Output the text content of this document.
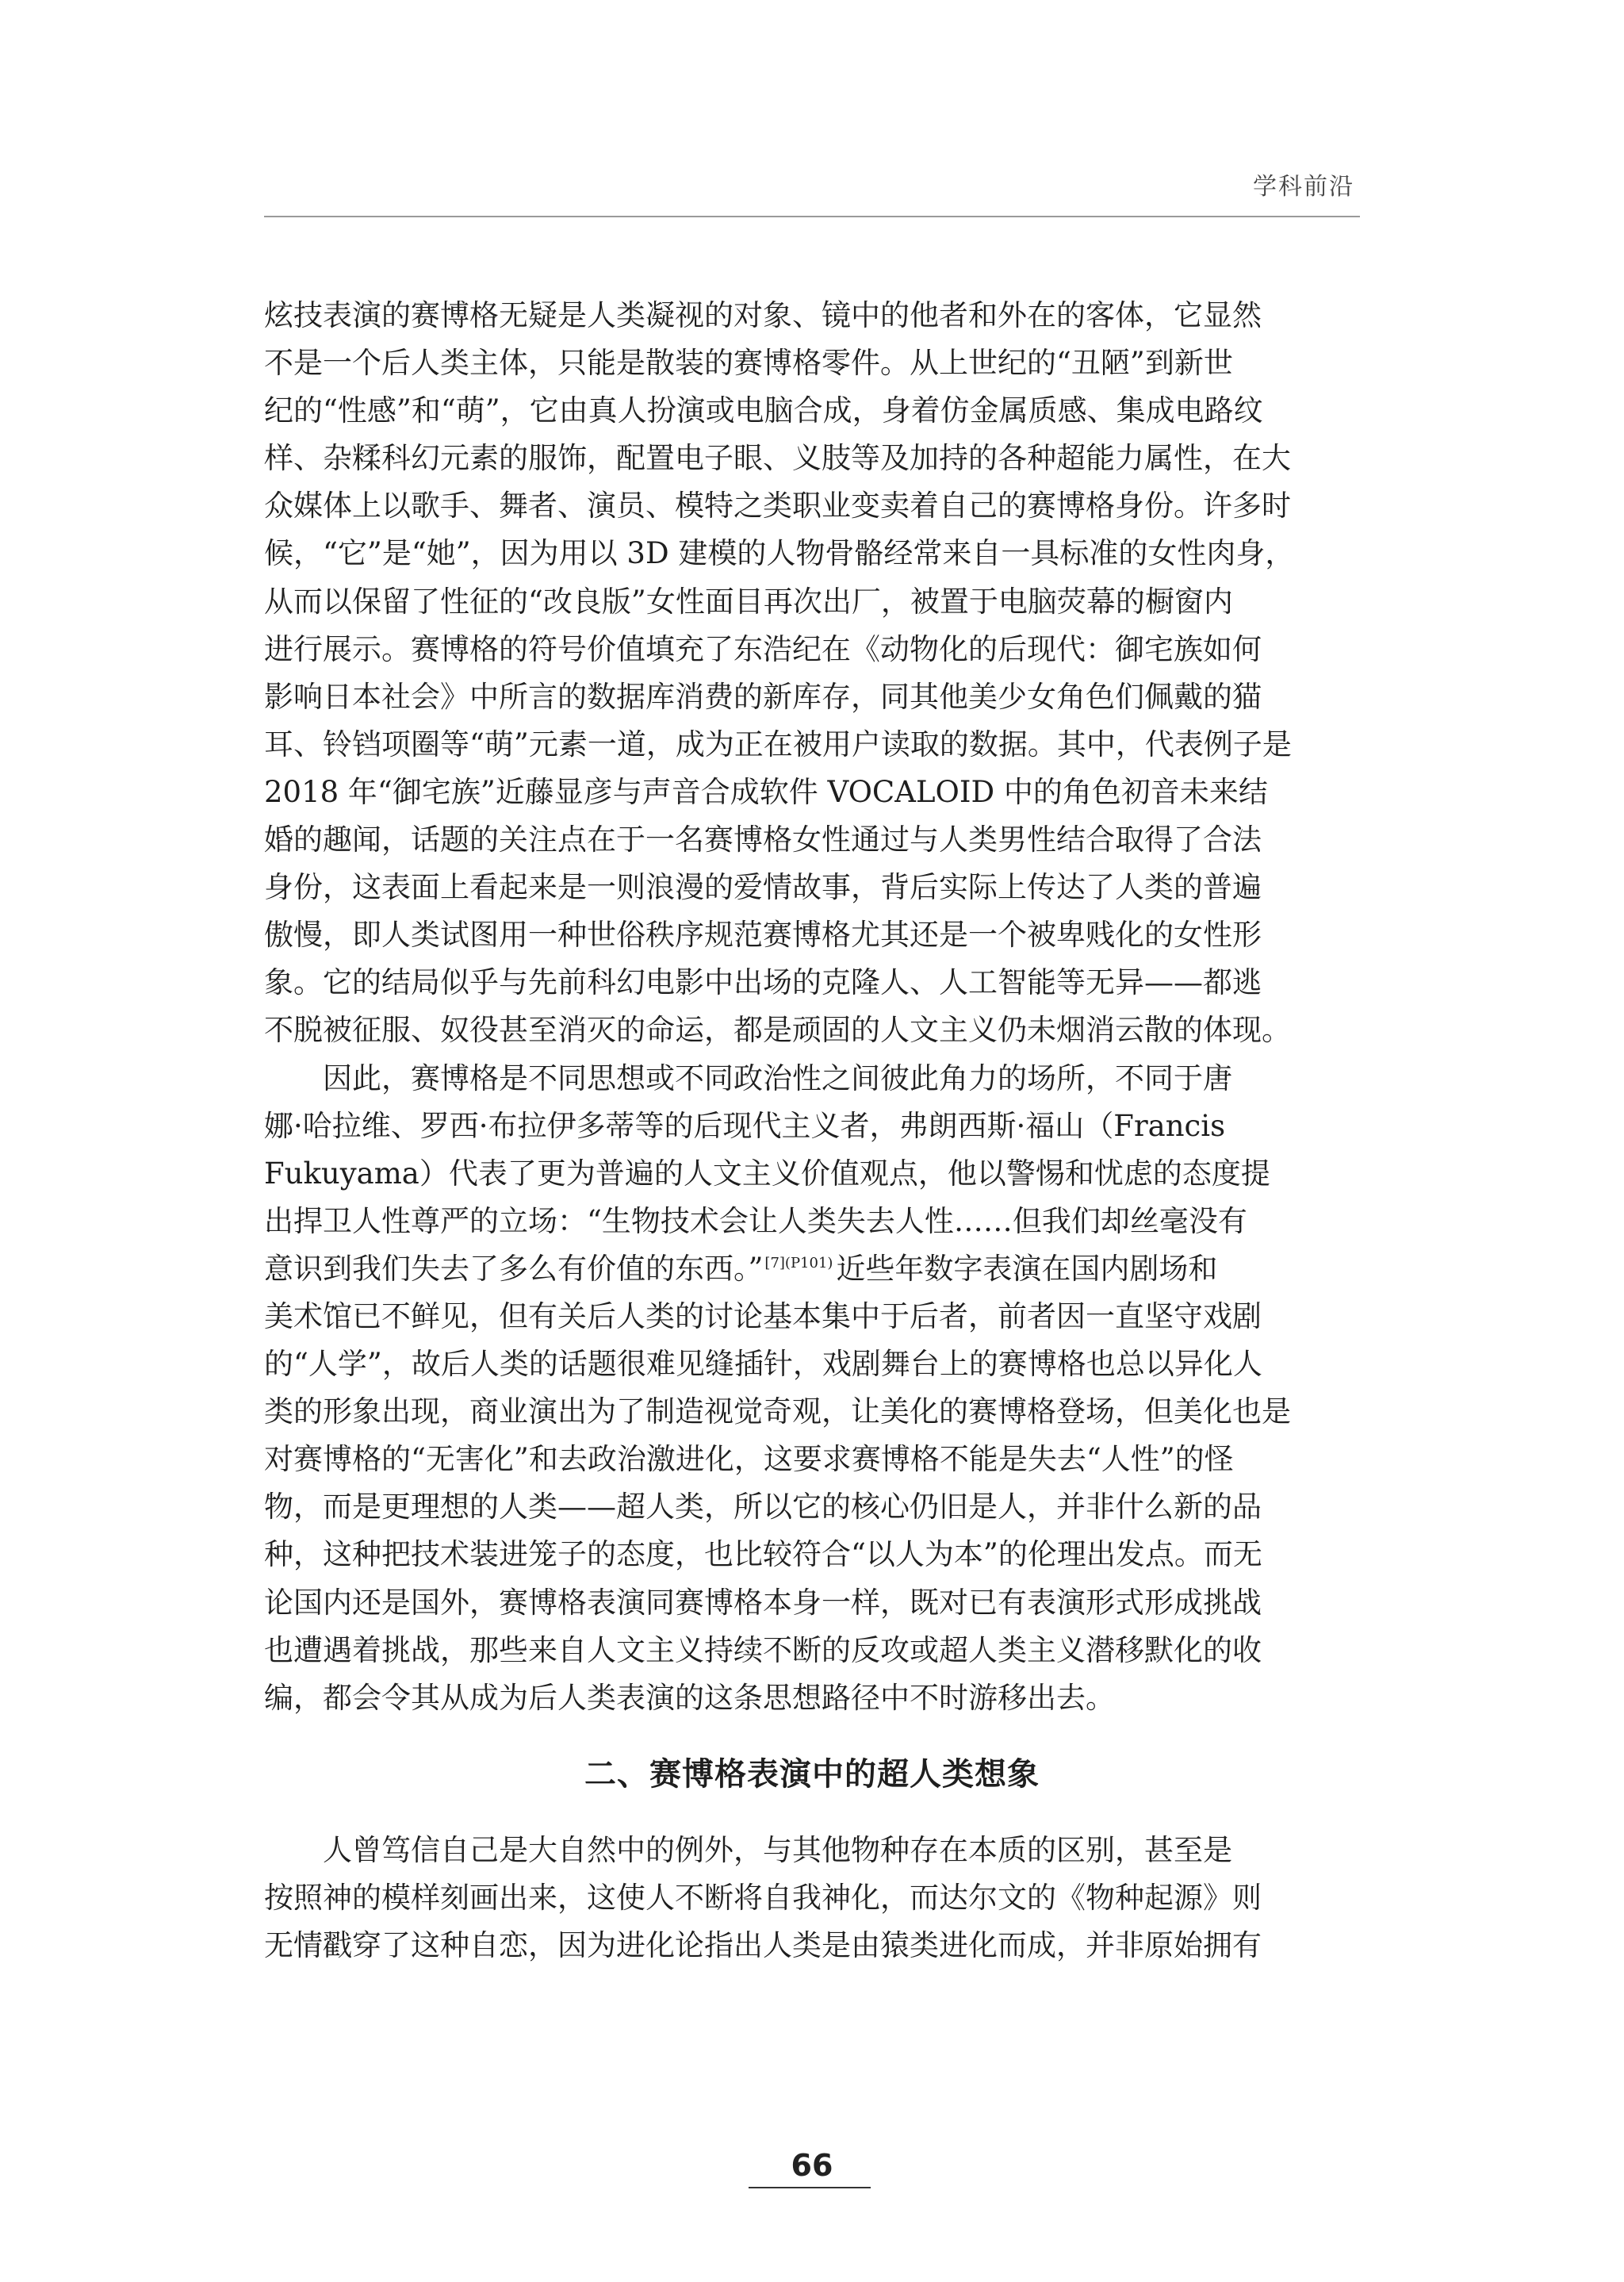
学科前沿
炫技表演的赛博格无疑是人类凝视的对象、镜中的他者和外在的客体，它显然
不是一个后人类主体，只能是散装的赛博格零件。从上世纪的“丑陋”到新世
纪的“性感”和“萌”，它由真人扮演或电脑合成，身着仿金属质感、集成电路纹
样、杂糅科幻元素的服饰，配置电子眼、义肢等及加持的各种超能力属性，在大
众媒体上以歌手、舞者、演员、模特之类职业变卖着自己的赛博格身份。许多时
候，“它”是“她”，因为用以 3D 建模的人物骨骼经常来自一具标准的女性肉身，
从而以保留了性征的“改良版”女性面目再次出厂，被置于电脑荧幕的橱窗内
进行展示。赛博格的符号价值填充了东浩纪在《动物化的后现代：御宅族如何
影响日本社会》中所言的数据库消费的新库存，同其他美少女角色们佩戴的猫
耳、铃铛项圈等“萌”元素一道，成为正在被用户读取的数据。其中，代表例子是
2018 年“御宅族”近藤显彦与声音合成软件 VOCALOID 中的角色初音未来结
婚的趣闻，话题的关注点在于一名赛博格女性通过与人类男性结合取得了合法
身份，这表面上看起来是一则浪漫的爱情故事，背后实际上传达了人类的普遍
傲慢，即人类试图用一种世俗秩序规范赛博格尤其还是一个被卑贱化的女性形
象。它的结局似乎与先前科幻电影中出场的克隆人、人工智能等无异——都逃
不脱被征服、奴役甚至消灭的命运，都是顽固的人文主义仍未烟消云散的体现。
因此，赛博格是不同思想或不同政治性之间彼此角力的场所，不同于唐
娜·哈拉维、罗西·布拉伊多蒂等的后现代主义者，弗朗西斯·福山（Francis
Fukuyama）代表了更为普遍的人文主义价值观点，他以警惕和忧虑的态度提
出捍卫人性尊严的立场：“生物技术会让人类失去人性……但我们却丝毫没有
意识到我们失去了多么有价值的东西。” $^{[7](P101)}$ 近些年数字表演在国内剧场和
美术馆已不鲜见，但有关后人类的讨论基本集中于后者，前者因一直坚守戏剧
的“人学”，故后人类的话题很难见缝插针，戏剧舞台上的赛博格也总以异化人
类的形象出现，商业演出为了制造视觉奇观，让美化的赛博格登场，但美化也是
对赛博格的“无害化”和去政治激进化，这要求赛博格不能是失去“人性”的怪
物，而是更理想的人类——超人类，所以它的核心仍旧是人，并非什么新的品
种，这种把技术装进笼子的态度，也比较符合“以人为本”的伦理出发点。而无
论国内还是国外，赛博格表演同赛博格本身一样，既对已有表演形式形成挑战
也遭遇着挑战，那些来自人文主义持续不断的反攻或超人类主义潜移默化的收
编，都会令其从成为后人类表演的这条思想路径中不时游移出去。
二、赛博格表演中的超人类想象
人曾笃信自己是大自然中的例外，与其他物种存在本质的区别，甚至是
按照神的模样刻画出来，这使人不断将自我神化，而达尔文的《物种起源》则
无情戳穿了这种自恋，因为进化论指出人类是由猿类进化而成，并非原始拥有
66
